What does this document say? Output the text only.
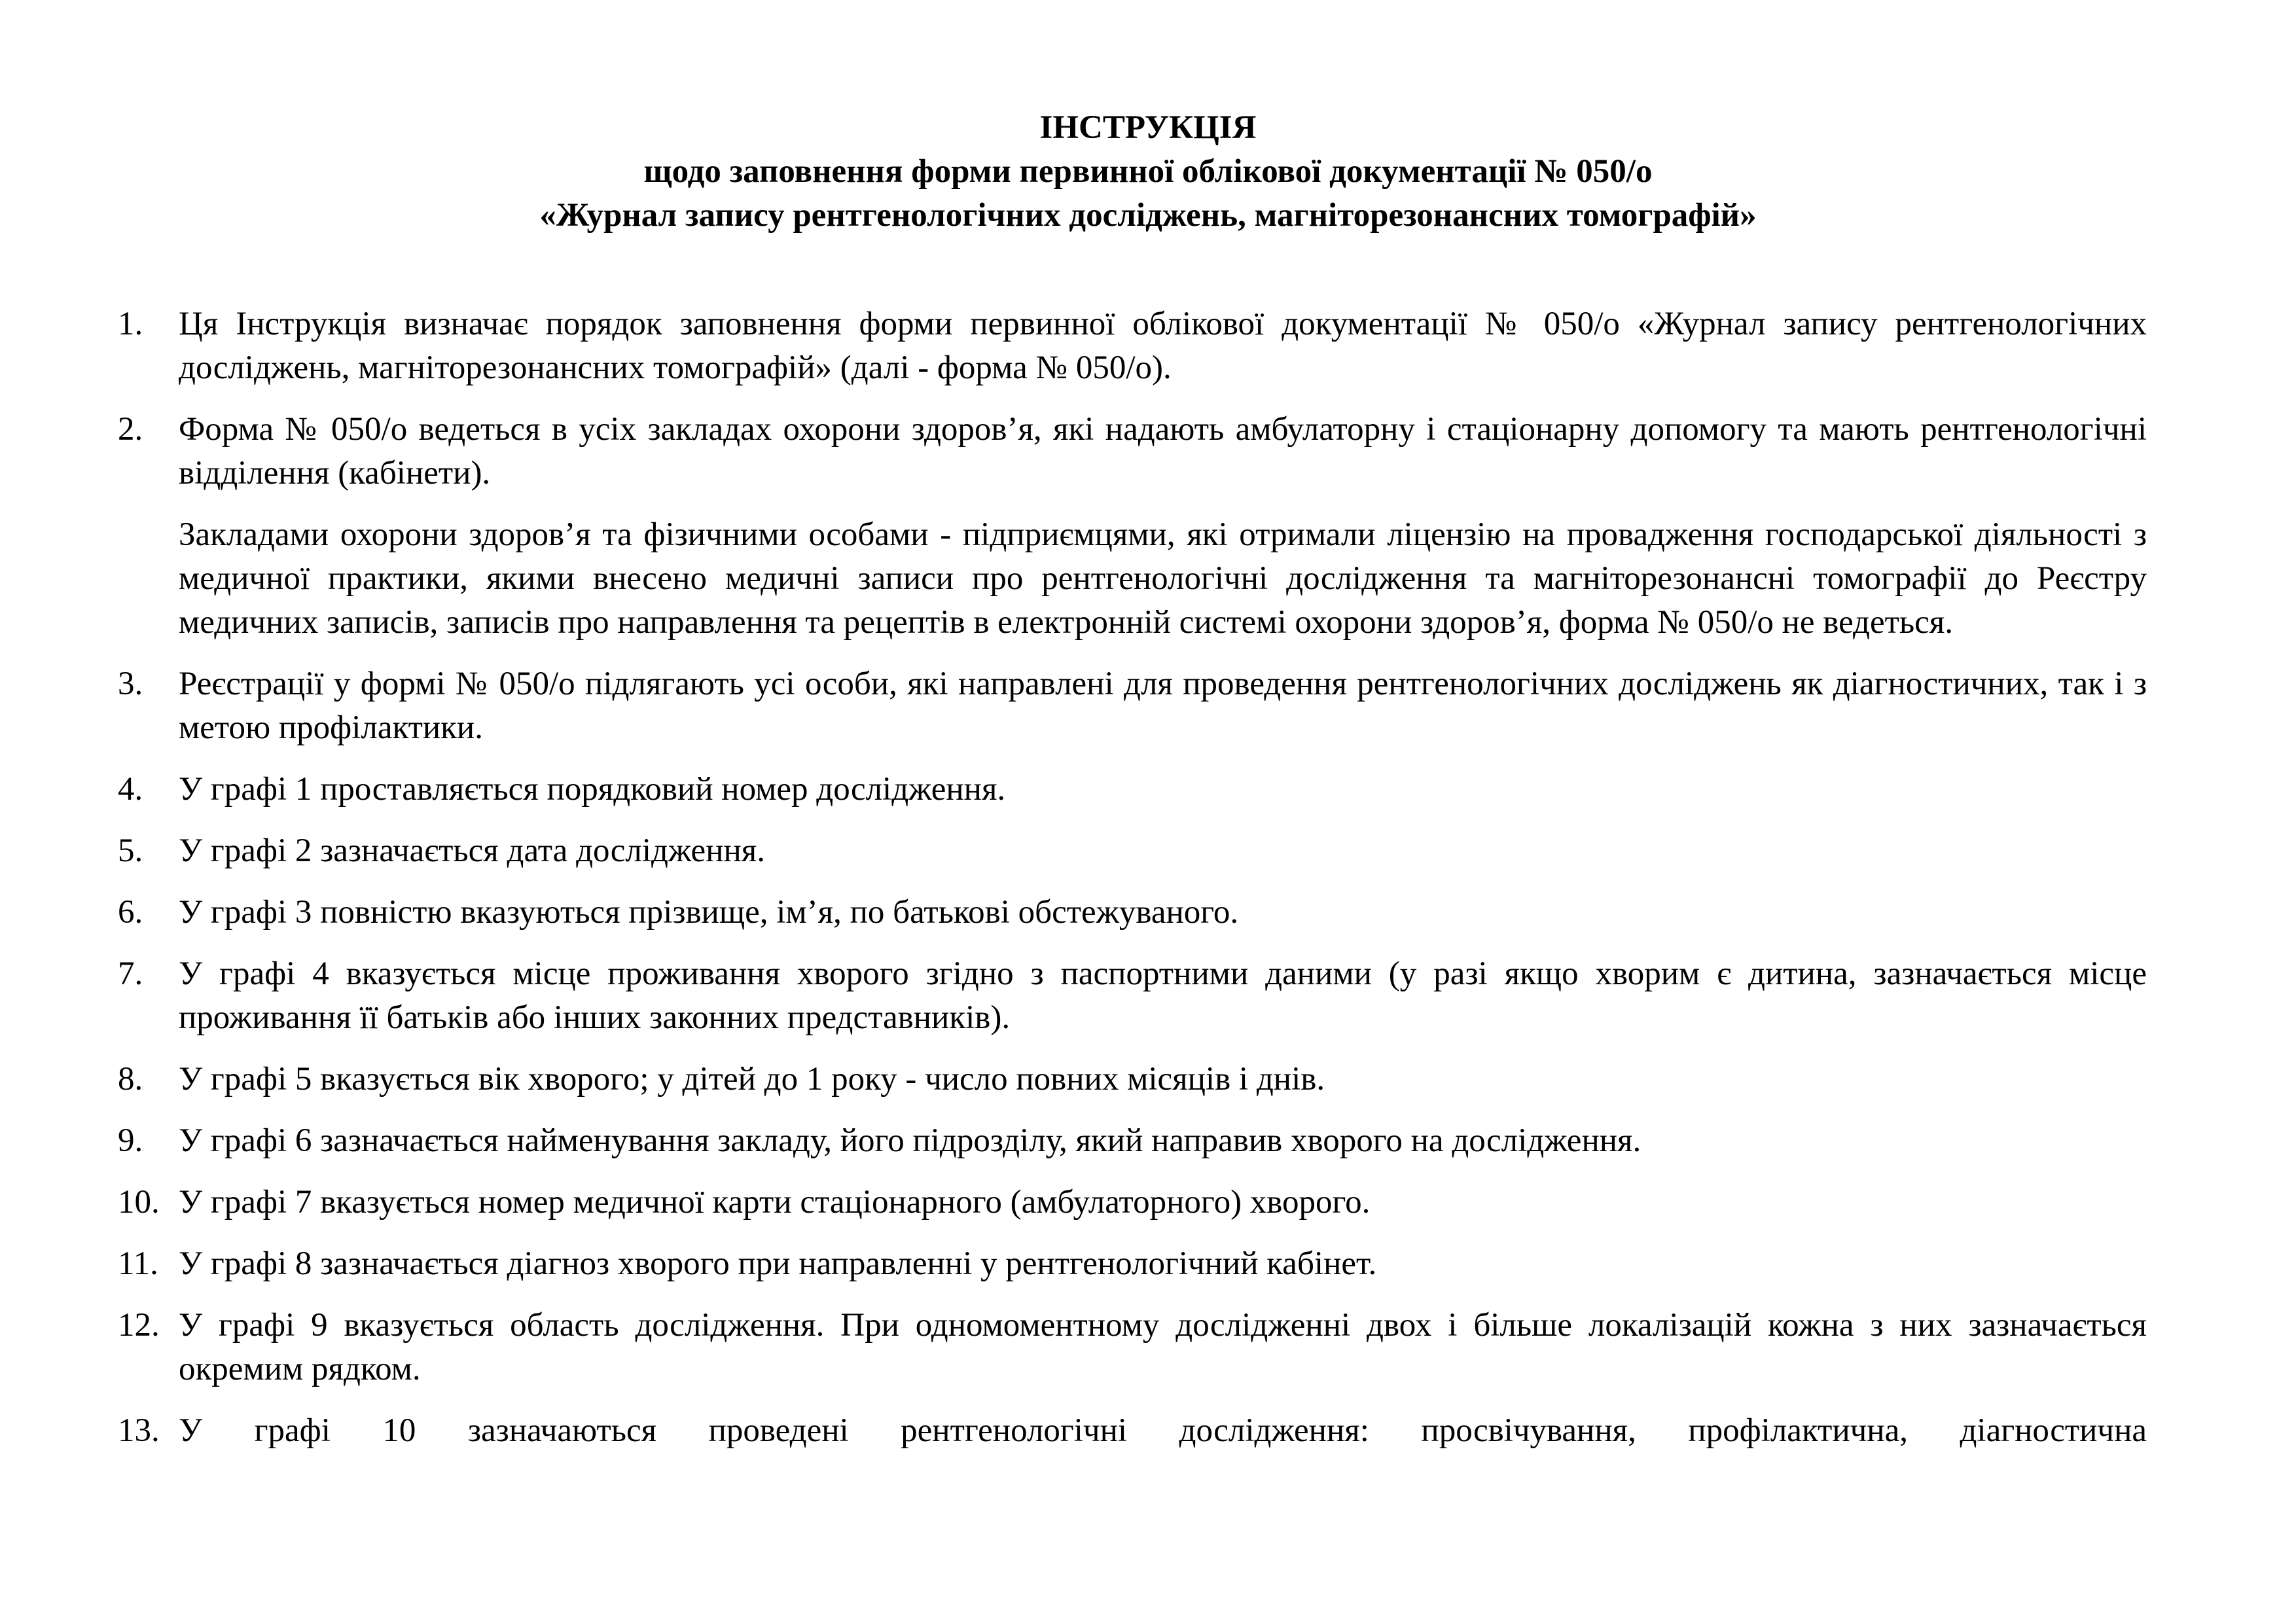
ІНСТРУКЦІЯ
щодо заповнення форми первинної облікової документації № 050/о
«Журнал запису рентгенологічних досліджень, магніторезонансних томографій»
1.	Ця Інструкція визначає порядок заповнення форми первинної облікової документації № 050/о «Журнал запису рентгенологічних досліджень, магніторезонансних томографій» (далі - форма № 050/о).
2.	Форма № 050/о ведеться в усіх закладах охорони здоров’я, які надають амбулаторну і стаціонарну допомогу та мають рентгенологічні відділення (кабінети).
Закладами охорони здоров’я та фізичними особами - підприємцями, які отримали ліцензію на провадження господарської діяльності з медичної практики, якими внесено медичні записи про рентгенологічні дослідження та магніторезонансні томографії до Реєстру медичних записів, записів про направлення та рецептів в електронній системі охорони здоров’я, форма № 050/о не ведеться.
3.	Реєстрації у формі № 050/о підлягають усі особи, які направлені для проведення рентгенологічних досліджень як діагностичних, так і з метою профілактики.
4.	У графі 1 проставляється порядковий номер дослідження.
5.	У графі 2 зазначається дата дослідження.
6.	У графі 3 повністю вказуються прізвище, ім’я, по батькові обстежуваного.
7.	У графі 4 вказується місце проживання хворого згідно з паспортними даними (у разі якщо хворим є дитина, зазначається місце проживання її батьків або інших законних представників).
8.	У графі 5 вказується вік хворого; у дітей до 1 року - число повних місяців і днів.
9.	У графі 6 зазначається найменування закладу, його підрозділу, який направив хворого на дослідження.
10. У графі 7 вказується номер медичної карти стаціонарного (амбулаторного) хворого.
11. У графі 8 зазначається діагноз хворого при направленні у рентгенологічний кабінет.
12. У графі 9 вказується область дослідження. При одномоментному дослідженні двох і більше локалізацій кожна з них зазначається окремим рядком.
13. У графі 10 зазначаються проведені рентгенологічні дослідження: просвічування, профілактична, діагностична
